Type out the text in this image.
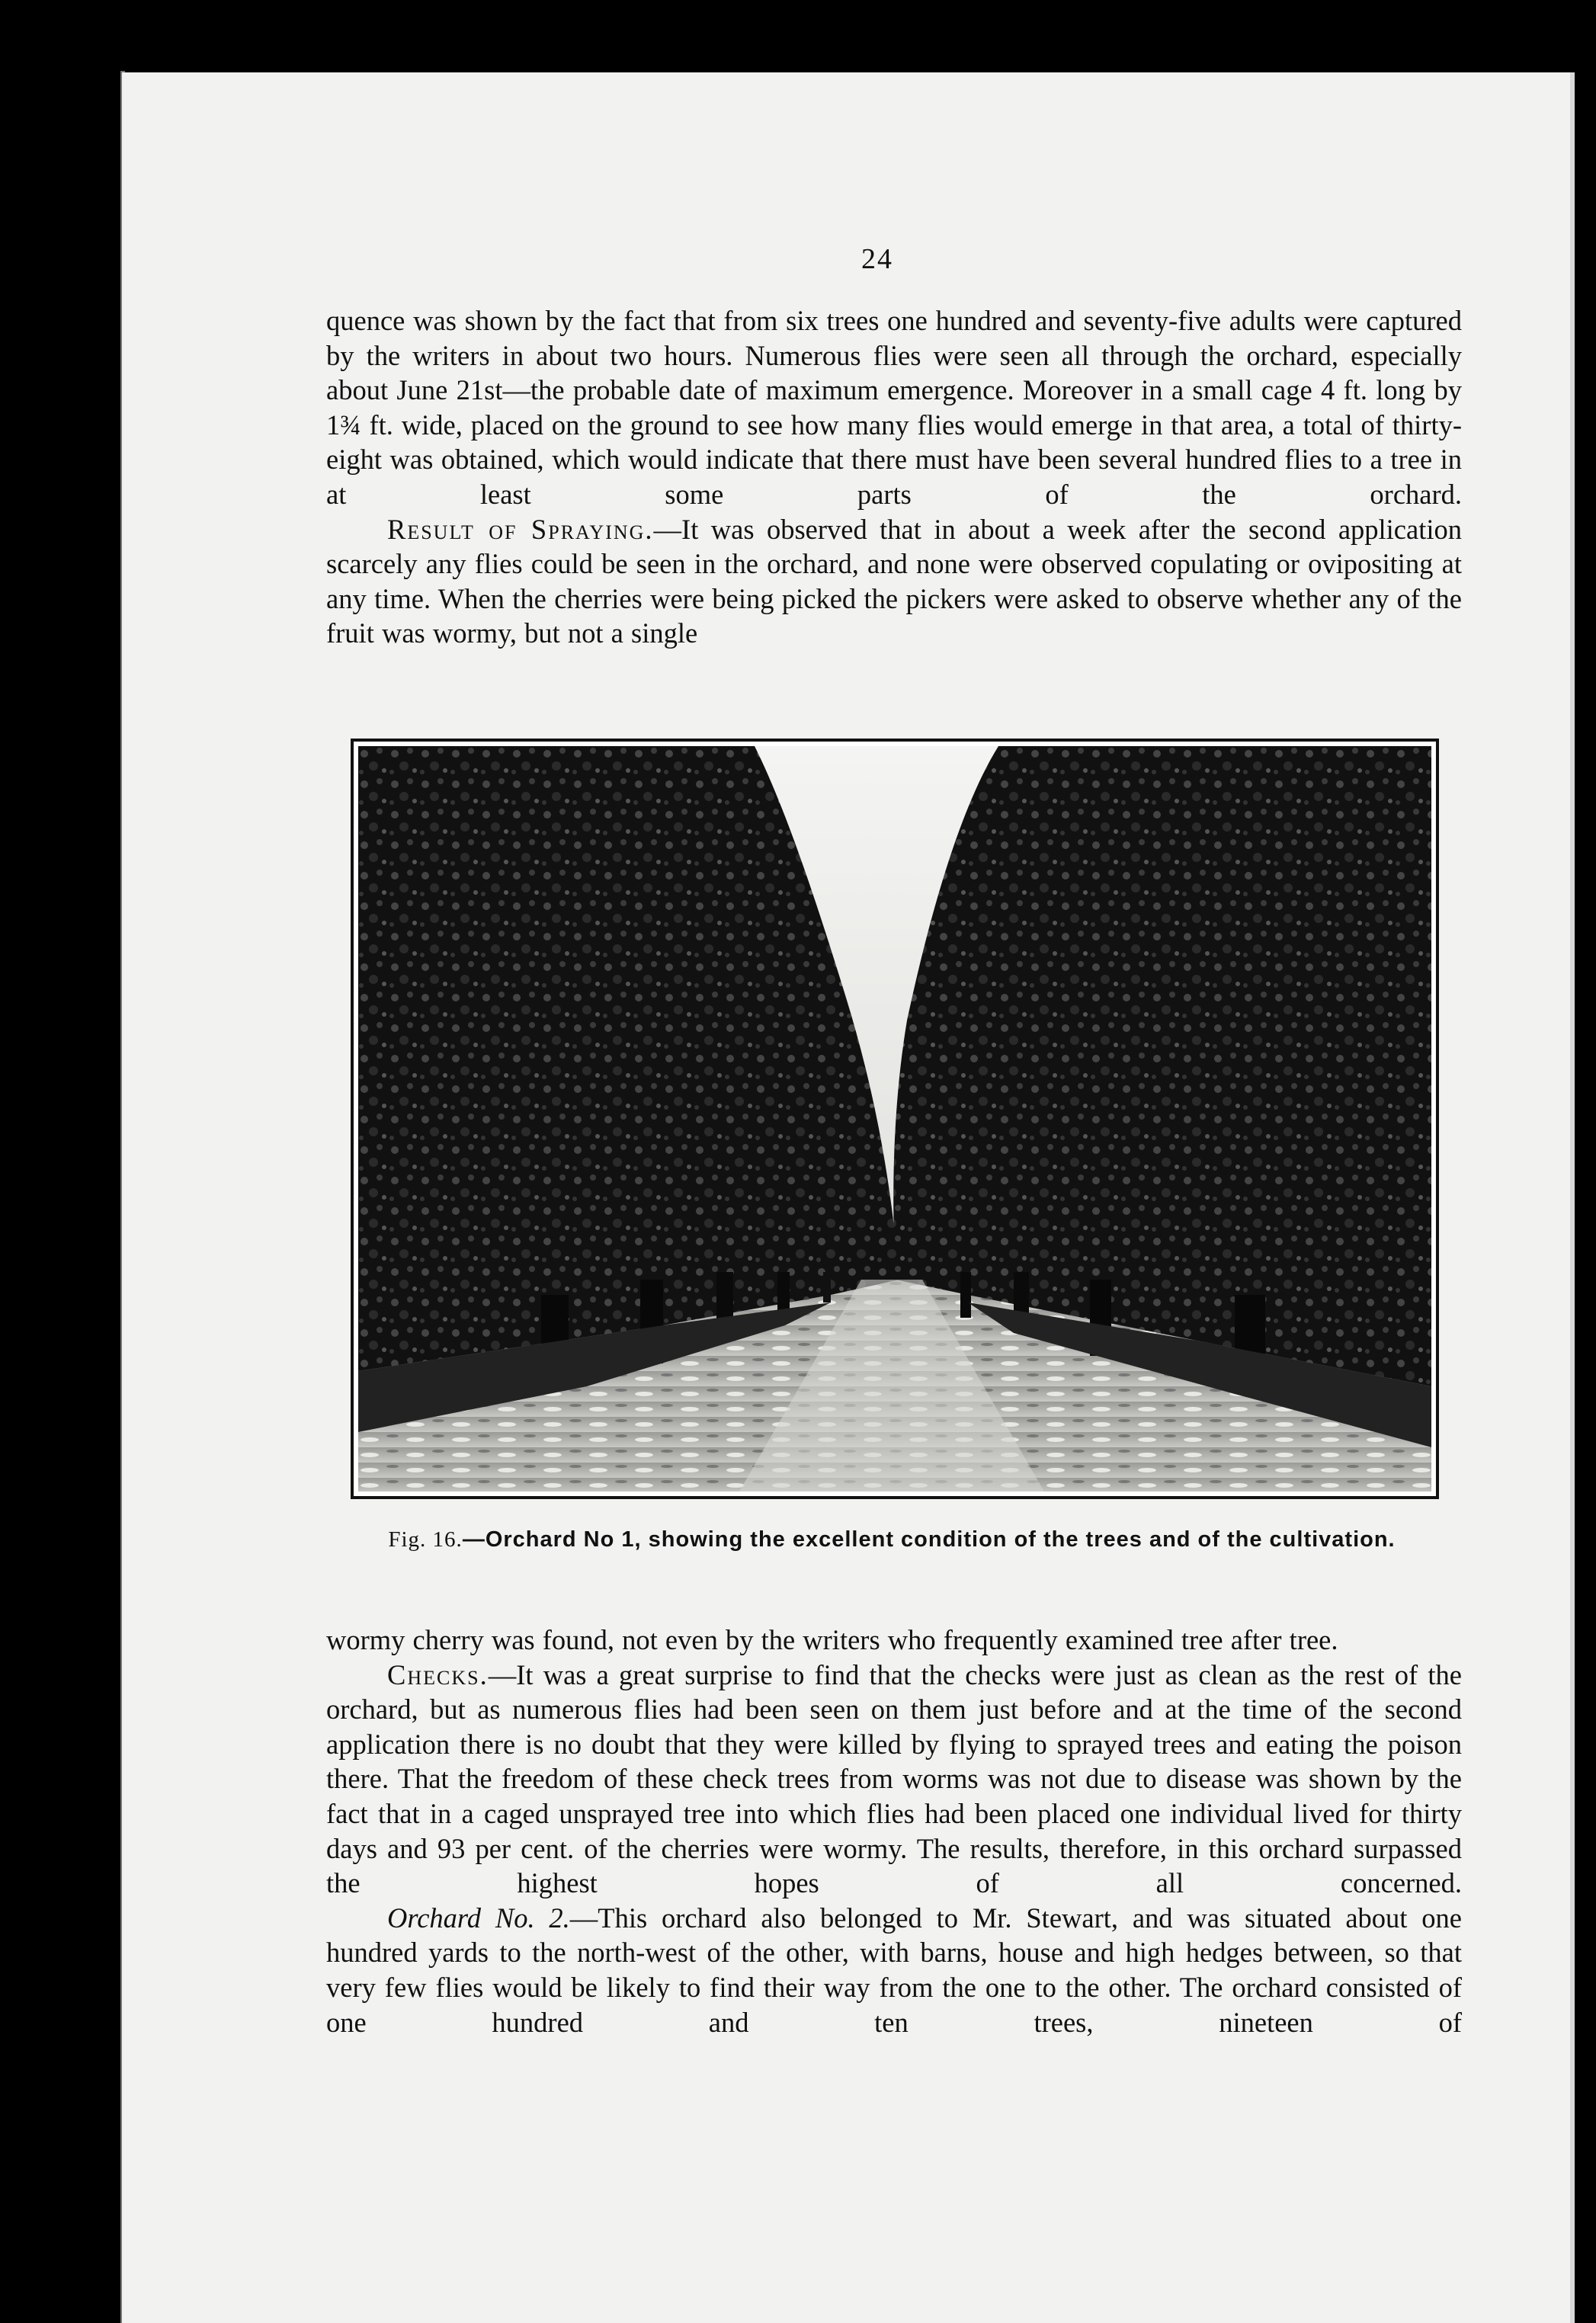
24

quence was shown by the fact that from six trees one hundred and seventy-five adults were captured by the writers in about two hours. Numerous flies were seen all through the orchard, especially about June 21st—the probable date of maximum emergence. Moreover in a small cage 4 ft. long by 1¾ ft. wide, placed on the ground to see how many flies would emerge in that area, a total of thirty-eight was obtained, which would indicate that there must have been several hundred flies to a tree in at least some parts of the orchard.

Result of Spraying.—It was observed that in about a week after the second application scarcely any flies could be seen in the orchard, and none were observed copulating or ovipositing at any time. When the cherries were being picked the pickers were asked to observe whether any of the fruit was wormy, but not a single

Fig. 16.—Orchard No 1, showing the excellent condition of the trees and of the cultivation.

wormy cherry was found, not even by the writers who frequently examined tree after tree.

Checks.—It was a great surprise to find that the checks were just as clean as the rest of the orchard, but as numerous flies had been seen on them just before and at the time of the second application there is no doubt that they were killed by flying to sprayed trees and eating the poison there. That the freedom of these check trees from worms was not due to disease was shown by the fact that in a caged unsprayed tree into which flies had been placed one individual lived for thirty days and 93 per cent. of the cherries were wormy. The results, therefore, in this orchard surpassed the highest hopes of all concerned.

Orchard No. 2.—This orchard also belonged to Mr. Stewart, and was situated about one hundred yards to the north-west of the other, with barns, house and high hedges between, so that very few flies would be likely to find their way from the one to the other. The orchard consisted of one hundred and ten trees, nineteen of
